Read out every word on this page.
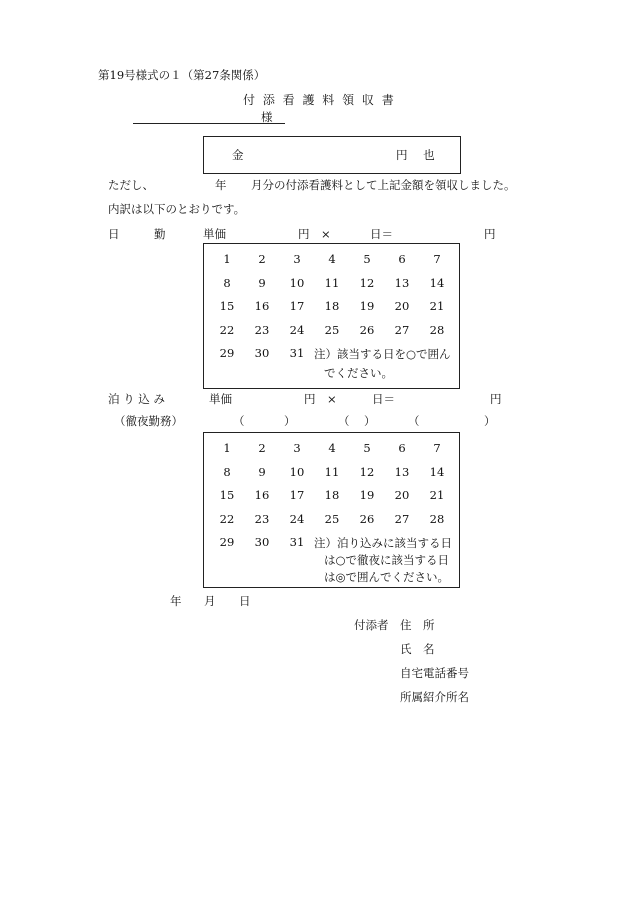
第19号様式の１（第27条関係）
付 添 看 護 料 領 収 書
様
金	円 也
ただし、	年 月分の付添看護料として上記金額を領収しました。
内訳は以下のとおりです。
日　　　勤	単価	円　×	日＝	円
1	2	3	4	5	6	7
8	9	10	11	12	13	14
15	16	17	18	19	20	21
22	23	24	25	26	27	28
29	30	31 注）該当する日を○で囲ん
でください。
泊 り 込 み
（徹夜勤務）
単価	円　×	日＝	円
（	）	（ ）	（	）
1	2	3	4	5	6	7
8	9	10	11	12	13	14
15	16	17	18	19	20	21
22	23	24	25	26	27	28
29	30	31 注）泊り込みに該当する日
は○で徹夜に該当する日
は◎で囲んでください。
年 月 日
付添者 住　所
氏　名
自宅電話番号
所属紹介所名
